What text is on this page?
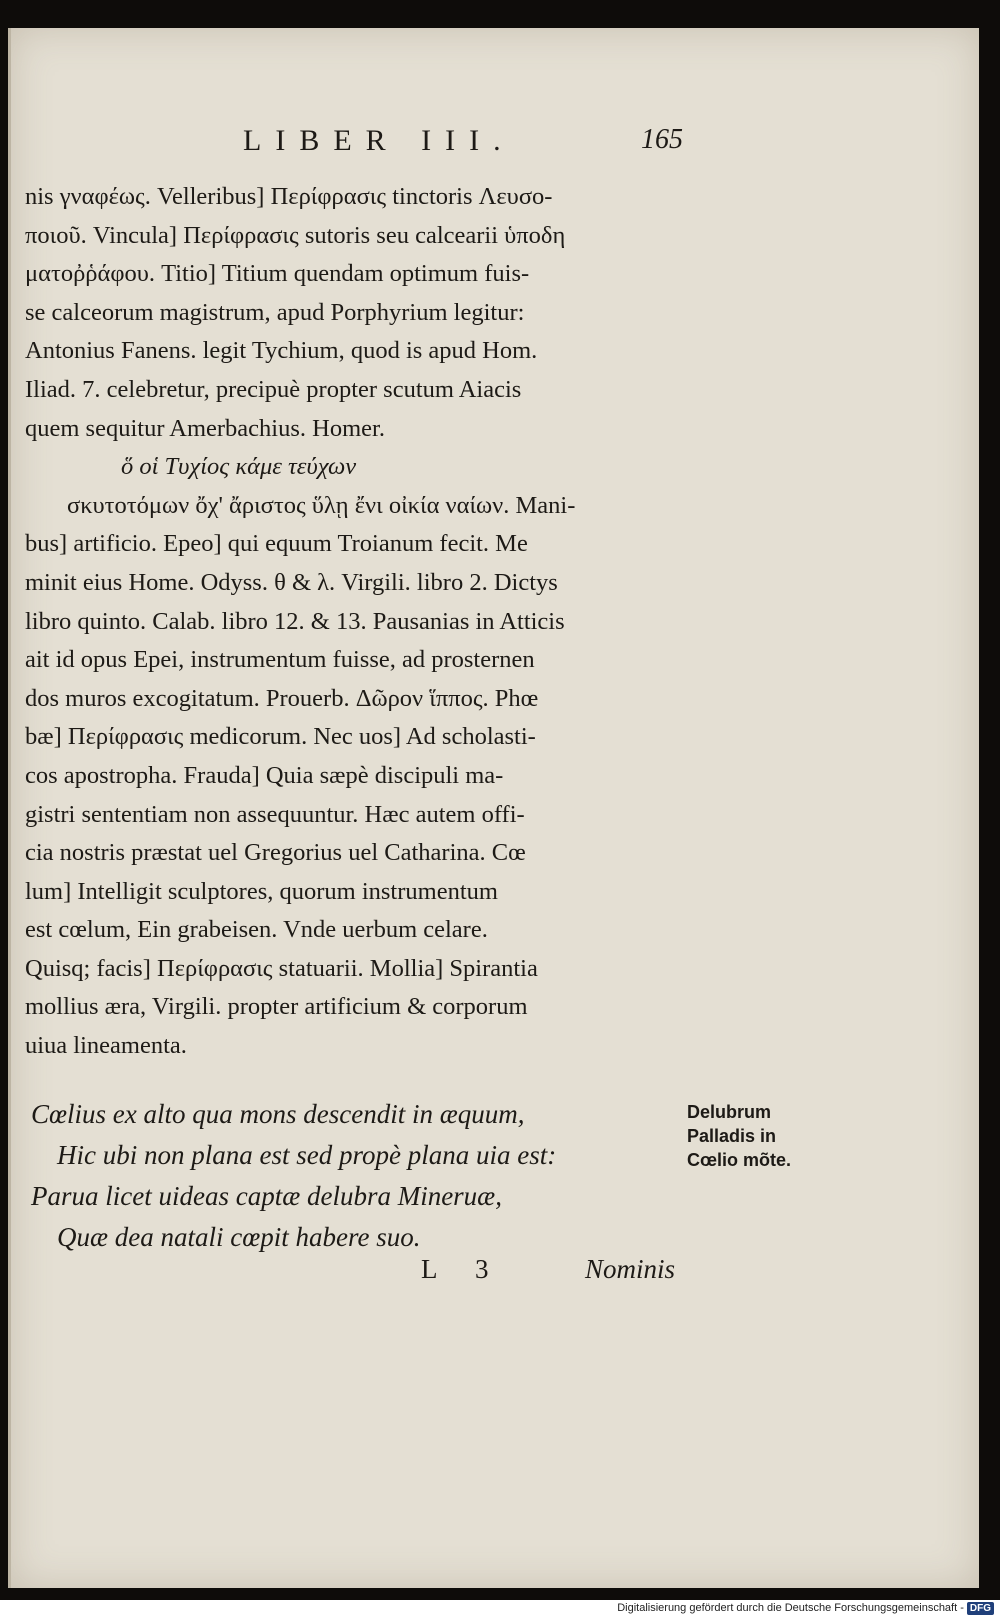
LIBER III.	165
nis γναφέως. Velleribus] Περίφρασις tinctoris Λευσο-
ποιοῦ. Vincula] Περίφρασις sutoris seu calcearii ὑποδη
ματοῤῥάφου. Titio] Titium quendam optimum fuis-
se calceorum magistrum, apud Porphyrium legitur:
Antonius Fanens. legit Tychium, quod is apud Hom.
Iliad. 7. celebretur, precipuè propter scutum Aiacis
quem sequitur Amerbachius. Homer.
ὅ οἱ Τυχίος κάμε τεύχων
σκυτοτόμων ὄχ' ἄριστος ὕλῃ ἔνι οἰκία ναίων. Mani-
bus] artificio. Epeo] qui equum Troianum fecit. Me
minit eius Home. Odyss. θ & λ. Virgili. libro 2. Dictys
libro quinto. Calab. libro 12. & 13. Pausanias in Atticis
ait id opus Epei, instrumentum fuisse, ad prosternen
dos muros excogitatum. Prouerb. Δῶρον ἵππος. Phœ
bæ] Περίφρασις medicorum. Nec uos] Ad scholasti-
cos apostropha. Frauda] Quia sæpè discipuli ma-
gistri sententiam non assequuntur. Hæc autem offi-
cia nostris præstat uel Gregorius uel Catharina. Cœ
lum] Intelligit sculptores, quorum instrumentum
est cœlum, Ein grabeisen. Vnde uerbum celare.
Quisq; facis] Περίφρασις statuarii. Mollia] Spirantia
mollius æra, Virgili. propter artificium & corporum
uiua lineamenta.
Cœlius ex alto qua mons descendit in æquum,
Hic ubi non plana est sed propè plana uia est:
Parua licet uideas captæ delubra Mineruæ,
Quæ dea natali cœpit habere suo.
Delubrum
Palladis in
Cœlio mõte.
L 3	Nominis
Digitalisierung gefördert durch die Deutsche Forschungsgemeinschaft - DFG
